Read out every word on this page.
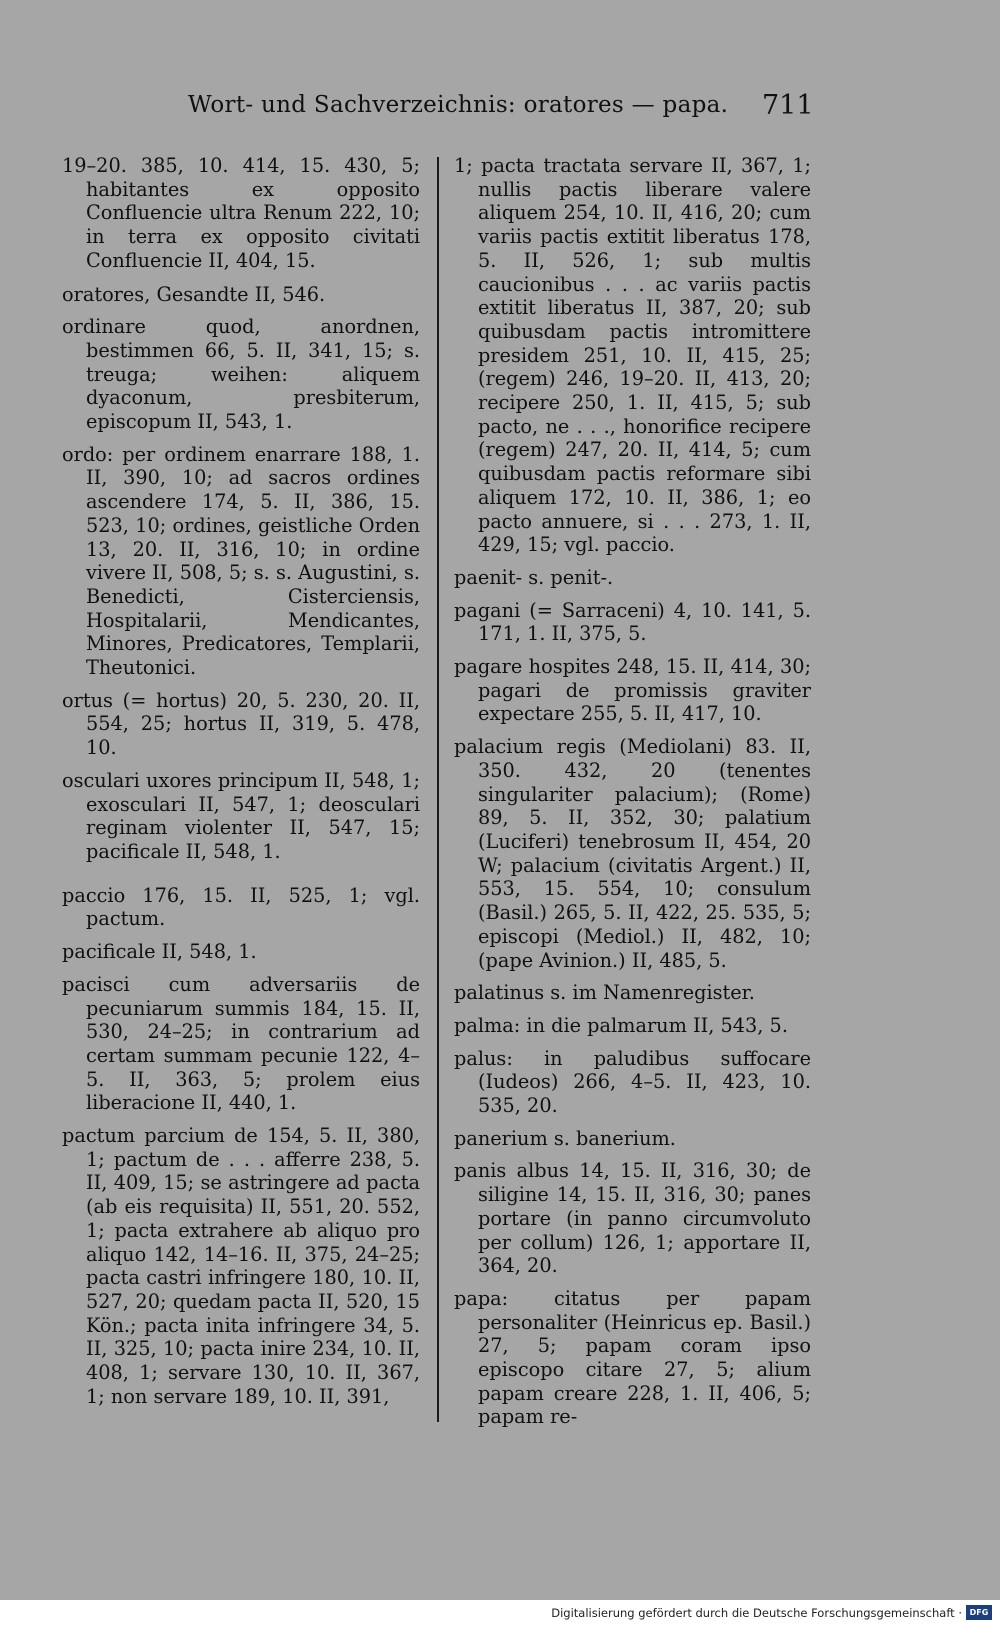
Wort- und Sachverzeichnis: oratores — papa. 711
19–20. 385, 10. 414, 15. 430, 5; habitantes ex opposito Confluencie ultra Renum 222, 10; in terra ex opposito civitati Confluencie II, 404, 15.
oratores, Gesandte II, 546.
ordinare quod, anordnen, bestimmen 66, 5. II, 341, 15; s. treuga; weihen: aliquem dyaconum, presbiterum, episcopum II, 543, 1.
ordo: per ordinem enarrare 188, 1. II, 390, 10; ad sacros ordines ascendere 174, 5. II, 386, 15. 523, 10; ordines, geistliche Orden 13, 20. II, 316, 10; in ordine vivere II, 508, 5; s. s. Augustini, s. Benedicti, Cisterciensis, Hospitalarii, Mendicantes, Minores, Predicatores, Templarii, Theutonici.
ortus (= hortus) 20, 5. 230, 20. II, 554, 25; hortus II, 319, 5. 478, 10.
osculari uxores principum II, 548, 1; exosculari II, 547, 1; deosculari reginam violenter II, 547, 15; pacificale II, 548, 1.
paccio 176, 15. II, 525, 1; vgl. pactum.
pacificale II, 548, 1.
pacisci cum adversariis de pecuniarum summis 184, 15. II, 530, 24–25; in contrarium ad certam summam pecunie 122, 4–5. II, 363, 5; prolem eius liberacione II, 440, 1.
pactum parcium de 154, 5. II, 380, 1; pactum de . . . afferre 238, 5. II, 409, 15; se astringere ad pacta (ab eis requisita) II, 551, 20. 552, 1; pacta extrahere ab aliquo pro aliquo 142, 14–16. II, 375, 24–25; pacta castri infringere 180, 10. II, 527, 20; quedam pacta II, 520, 15 Kön.; pacta inita infringere 34, 5. II, 325, 10; pacta inire 234, 10. II, 408, 1; servare 130, 10. II, 367, 1; non servare 189, 10. II, 391,
1; pacta tractata servare II, 367, 1; nullis pactis liberare valere aliquem 254, 10. II, 416, 20; cum variis pactis extitit liberatus 178, 5. II, 526, 1; sub multis caucionibus . . . ac variis pactis extitit liberatus II, 387, 20; sub quibusdam pactis intromittere presidem 251, 10. II, 415, 25; (regem) 246, 19–20. II, 413, 20; recipere 250, 1. II, 415, 5; sub pacto, ne . . ., honorifice recipere (regem) 247, 20. II, 414, 5; cum quibusdam pactis reformare sibi aliquem 172, 10. II, 386, 1; eo pacto annuere, si . . . 273, 1. II, 429, 15; vgl. paccio.
paenit- s. penit-.
pagani (= Sarraceni) 4, 10. 141, 5. 171, 1. II, 375, 5.
pagare hospites 248, 15. II, 414, 30; pagari de promissis graviter expectare 255, 5. II, 417, 10.
palacium regis (Mediolani) 83. II, 350. 432, 20 (tenentes singulariter palacium); (Rome) 89, 5. II, 352, 30; palatium (Luciferi) tenebrosum II, 454, 20 W; palacium (civitatis Argent.) II, 553, 15. 554, 10; consulum (Basil.) 265, 5. II, 422, 25. 535, 5; episcopi (Mediol.) II, 482, 10; (pape Avinion.) II, 485, 5.
palatinus s. im Namenregister.
palma: in die palmarum II, 543, 5.
palus: in paludibus suffocare (Iudeos) 266, 4–5. II, 423, 10. 535, 20.
panerium s. banerium.
panis albus 14, 15. II, 316, 30; de siligine 14, 15. II, 316, 30; panes portare (in panno circumvoluto per collum) 126, 1; apportare II, 364, 20.
papa: citatus per papam personaliter (Heinricus ep. Basil.) 27, 5; papam coram ipso episcopo citare 27, 5; alium papam creare 228, 1. II, 406, 5; papam re-
Digitalisierung gefördert durch die Deutsche Forschungsgemeinschaft · DFG
